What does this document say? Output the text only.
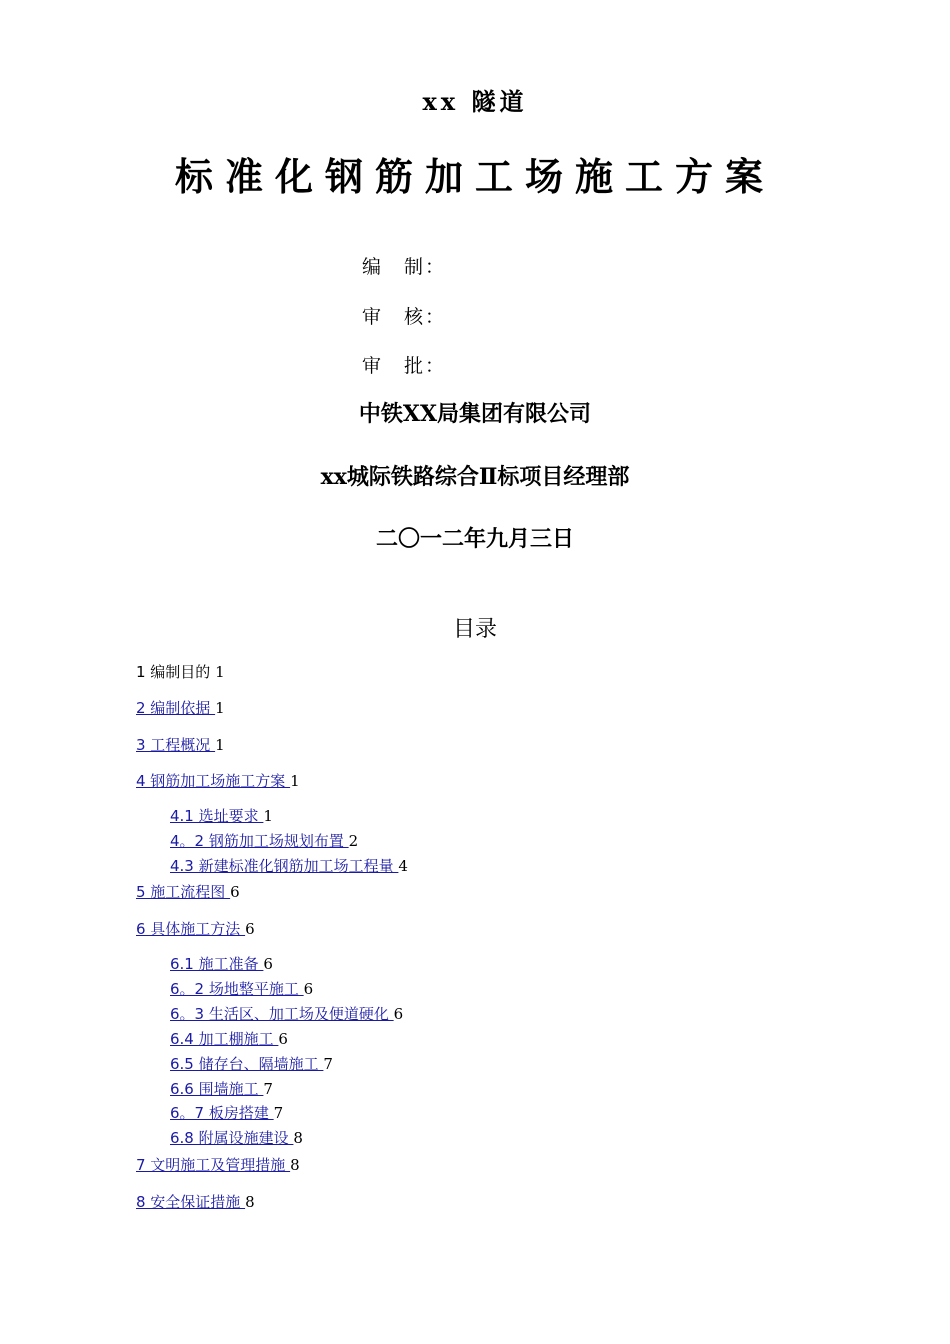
xx 隧道
标准化钢筋加工场施工方案
编　制：
审　核：
审　批：
中铁XX局集团有限公司
xx城际铁路综合Ⅱ标项目经理部
二〇一二年九月三日
目录
1 编制目的 1
2 编制依据 1
3 工程概况 1
4 钢筋加工场施工方案 1
4.1 选址要求 1
4。2 钢筋加工场规划布置 2
4.3 新建标准化钢筋加工场工程量 4
5 施工流程图 6
6 具体施工方法 6
6.1 施工准备 6
6。2 场地整平施工 6
6。3 生活区、加工场及便道硬化 6
6.4 加工棚施工 6
6.5 储存台、隔墙施工 7
6.6 围墙施工 7
6。7 板房搭建 7
6.8 附属设施建设 8
7 文明施工及管理措施 8
8 安全保证措施 8
